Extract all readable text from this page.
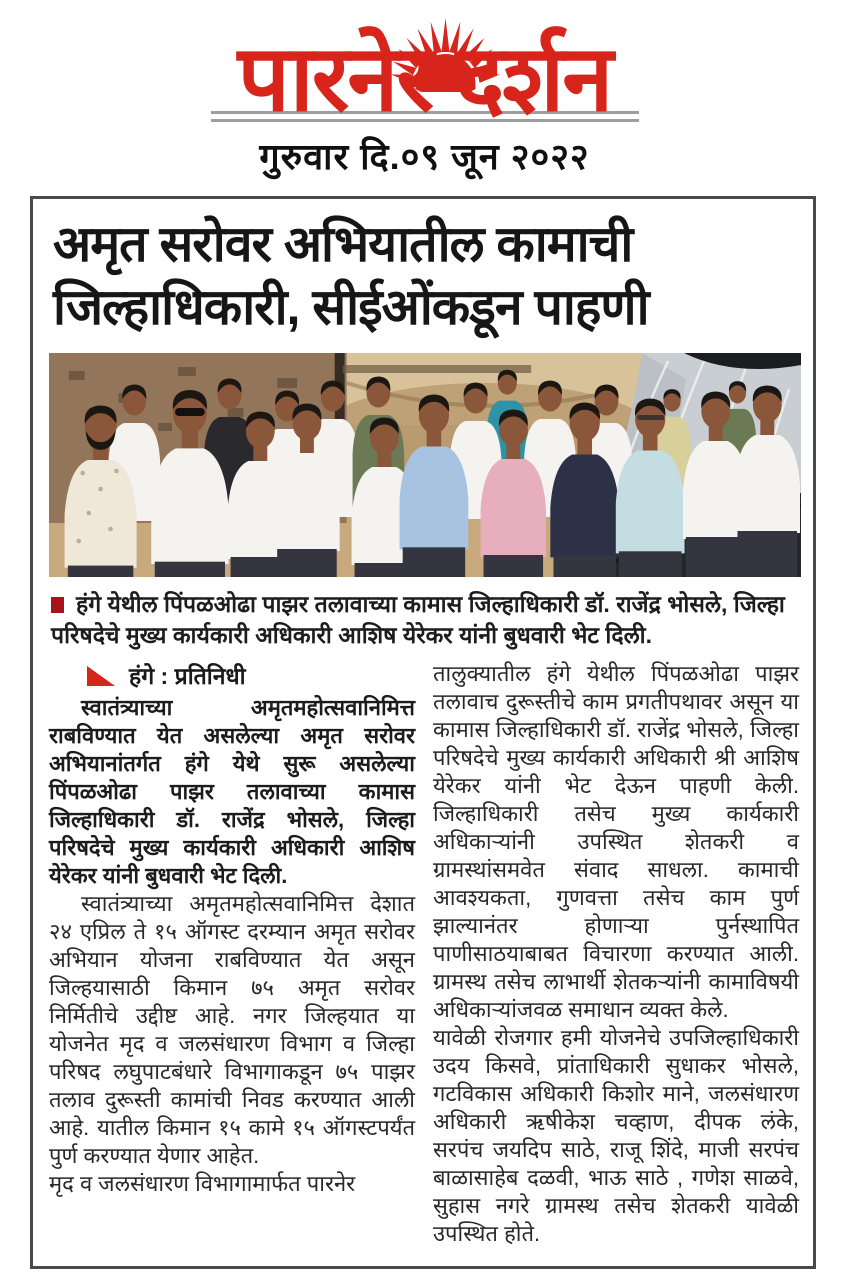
पारनेर दर्शन
गुरुवार दि.०९ जून २०२२
अमृत सरोवर अभियातील कामाची
जिल्हाधिकारी, सीईओंकडून पाहणी

हंगे येथील पिंपळओढा पाझर तलावाच्या कामास जिल्हाधिकारी डॉ. राजेंद्र भोसले, जिल्हा परिषदेचे मुख्य कार्यकारी अधिकारी आशिष येरेकर यांनी बुधवारी भेट दिली.

हंगे : प्रतिनिधी

स्वातंत्र्याच्या अमृतमहोत्सवानिमित्त राबविण्यात येत असलेल्या अमृत सरोवर अभियानांतर्गत हंगे येथे सुरू असलेल्या पिंपळओढा पाझर तलावाच्या कामास जिल्हाधिकारी डॉ. राजेंद्र भोसले, जिल्हा परिषदेचे मुख्य कार्यकारी अधिकारी आशिष येरेकर यांनी बुधवारी भेट दिली.

स्वातंत्र्याच्या अमृतमहोत्सवानिमित्त देशात २४ एप्रिल ते १५ ऑगस्ट दरम्यान अमृत सरोवर अभियान योजना राबविण्यात येत असून जिल्हयासाठी किमान ७५ अमृत सरोवर निर्मितीचे उद्दीष्ट आहे. नगर जिल्हयात या योजनेत मृद व जलसंधारण विभाग व जिल्हा परिषद लघुपाटबंधारे विभागाकडून ७५ पाझर तलाव दुरूस्ती कामांची निवड करण्यात आली आहे. यातील किमान १५ कामे १५ ऑगस्टपर्यंत पुर्ण करण्यात येणार आहेत.

मृद व जलसंधारण विभागामार्फत पारनेर

तालुक्यातील हंगे येथील पिंपळओढा पाझर तलावाच दुरूस्तीचे काम प्रगतीपथावर असून या कामास जिल्हाधिकारी डॉ. राजेंद्र भोसले, जिल्हा परिषदेचे मुख्य कार्यकारी अधिकारी श्री आशिष येरेकर यांनी भेट देऊन पाहणी केली. जिल्हाधिकारी तसेच मुख्य कार्यकारी अधिकाऱ्यांनी उपस्थित शेतकरी व ग्रामस्थांसमवेत संवाद साधला. कामाची आवश्यकता, गुणवत्ता तसेच काम पुर्ण झाल्यानंतर होणाऱ्या पुर्नस्थापित पाणीसाठयाबाबत विचारणा करण्यात आली. ग्रामस्थ तसेच लाभार्थी शेतकऱ्यांनी कामाविषयी अधिकाऱ्यांजवळ समाधान व्यक्त केले.

यावेळी रोजगार हमी योजनेचे उपजिल्हाधिकारी उदय किसवे, प्रांताधिकारी सुधाकर भोसले, गटविकास अधिकारी किशोर माने, जलसंधारण अधिकारी ऋषीकेश चव्हाण, दीपक लंके, सरपंच जयदिप साठे, राजू शिंदे, माजी सरपंच बाळासाहेब दळवी, भाऊ साठे , गणेश साळवे, सुहास नगरे ग्रामस्थ तसेच शेतकरी यावेळी उपस्थित होते.
